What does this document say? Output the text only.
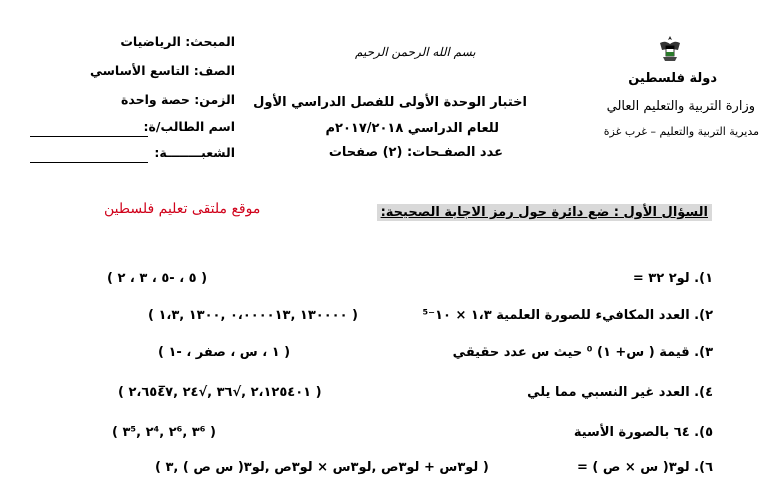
دولة فلسطين
وزارة التربية والتعليم العالي
مديرية التربية والتعليم – غرب غزة
بسم الله الرحمن الرحيم
اختبار الوحدة الأولى للفصل الدراسي الأول
للعام الدراسي ٢٠١٧/٢٠١٨م
عدد الصفـحات: (٢) صفحات
المبحث: الرياضيات
الصف: التاسع الأساسي
الزمن: حصة واحدة
اسم الطالب/ة:
الشعبــــــــة:
موقع ملتقى تعليم فلسطين	السؤال الأول : ضع دائرة حول رمز الاجابة الصحيحة:
١). لو٢ ٣٢ =
( ٥ ، -٥ ، ٣ ، ٢ )
٢). العدد المكافيء للصورة العلمية ١،٣ × ١٠⁻⁵
( ١٣٠٠٠٠ ,٠،٠٠٠٠١٣ ,١٣٠٠ ,١،٣ )
٣). قيمة ( س+ ١) ⁰ حيث س عدد حقيقي
( ١ ، س ، صفر ، -١ )
٤). العدد غير النسبي مما يلي
( ٢،١٢٥٤٠١ ,√٣٦ ,√٢٤ ,٢،٦٥٤̅٧ )
٥). ٦٤ بالصورة الأسية
( ٣⁶ ,٢⁶ ,٢⁴ ,٣⁵ )
٦). لو٣( س × ص ) =
( لو٣س + لو٣ص ,لو٣س × لو٣ص ,لو٣( س ص ) ,٣ )
